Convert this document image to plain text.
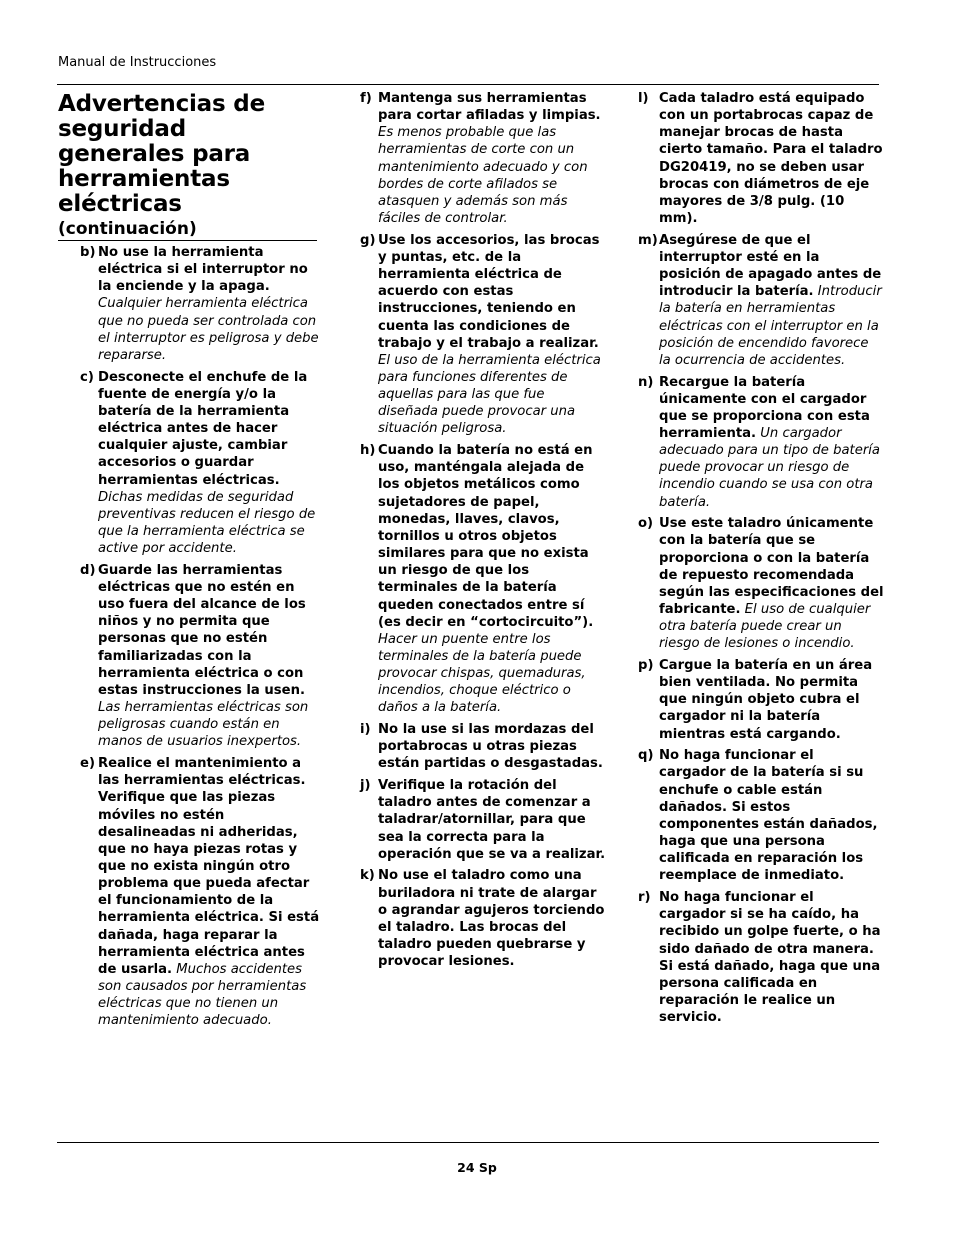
Manual de Instrucciones
Advertencias de seguridad generales para herramientas eléctricas
(continuación)
b) No use la herramienta eléctrica si el interruptor no la enciende y la apaga. Cualquier herramienta eléctrica que no pueda ser controlada con el interruptor es peligrosa y debe repararse.
c) Desconecte el enchufe de la fuente de energía y/o la batería de la herramienta eléctrica antes de hacer cualquier ajuste, cambiar accesorios o guardar herramientas eléctricas. Dichas medidas de seguridad preventivas reducen el riesgo de que la herramienta eléctrica se active por accidente.
d) Guarde las herramientas eléctricas que no estén en uso fuera del alcance de los niños y no permita que personas que no estén familiarizadas con la herramienta eléctrica o con estas instrucciones la usen. Las herramientas eléctricas son peligrosas cuando están en manos de usuarios inexpertos.
e) Realice el mantenimiento a las herramientas eléctricas. Verifique que las piezas móviles no estén desalineadas ni adheridas, que no haya piezas rotas y que no exista ningún otro problema que pueda afectar el funcionamiento de la herramienta eléctrica. Si está dañada, haga reparar la herramienta eléctrica antes de usarla. Muchos accidentes son causados por herramientas eléctricas que no tienen un mantenimiento adecuado.
f) Mantenga sus herramientas para cortar afiladas y limpias. Es menos probable que las herramientas de corte con un mantenimiento adecuado y con bordes de corte afilados se atasquen y además son más fáciles de controlar.
g) Use los accesorios, las brocas y puntas, etc. de la herramienta eléctrica de acuerdo con estas instrucciones, teniendo en cuenta las condiciones de trabajo y el trabajo a realizar. El uso de la herramienta eléctrica para funciones diferentes de aquellas para las que fue diseñada puede provocar una situación peligrosa.
h) Cuando la batería no está en uso, manténgala alejada de los objetos metálicos como sujetadores de papel, monedas, llaves, clavos, tornillos u otros objetos similares para que no exista un riesgo de que los terminales de la batería queden conectados entre sí (es decir en “cortocircuito”). Hacer un puente entre los terminales de la batería puede provocar chispas, quemaduras, incendios, choque eléctrico o daños a la batería.
i) No la use si las mordazas del portabrocas u otras piezas están partidas o desgastadas.
j) Verifique la rotación del taladro antes de comenzar a taladrar/atornillar, para que sea la correcta para la operación que se va a realizar.
k) No use el taladro como una buriladora ni trate de alargar o agrandar agujeros torciendo el taladro. Las brocas del taladro pueden quebrarse y provocar lesiones.
l) Cada taladro está equipado con un portabrocas capaz de manejar brocas de hasta cierto tamaño. Para el taladro DG20419, no se deben usar brocas con diámetros de eje mayores de 3/8 pulg. (10 mm).
m) Asegúrese de que el interruptor esté en la posición de apagado antes de introducir la batería. Introducir la batería en herramientas eléctricas con el interruptor en la posición de encendido favorece la ocurrencia de accidentes.
n) Recargue la batería únicamente con el cargador que se proporciona con esta herramienta. Un cargador adecuado para un tipo de batería puede provocar un riesgo de incendio cuando se usa con otra batería.
o) Use este taladro únicamente con la batería que se proporciona o con la batería de repuesto recomendada según las especificaciones del fabricante. El uso de cualquier otra batería puede crear un riesgo de lesiones o incendio.
p) Cargue la batería en un área bien ventilada. No permita que ningún objeto cubra el cargador ni la batería mientras está cargando.
q) No haga funcionar el cargador de la batería si su enchufe o cable están dañados. Si estos componentes están dañados, haga que una persona calificada en reparación los reemplace de inmediato.
r) No haga funcionar el cargador si se ha caído, ha recibido un golpe fuerte, o ha sido dañado de otra manera. Si está dañado, haga que una persona calificada en reparación le realice un servicio.
24 Sp
